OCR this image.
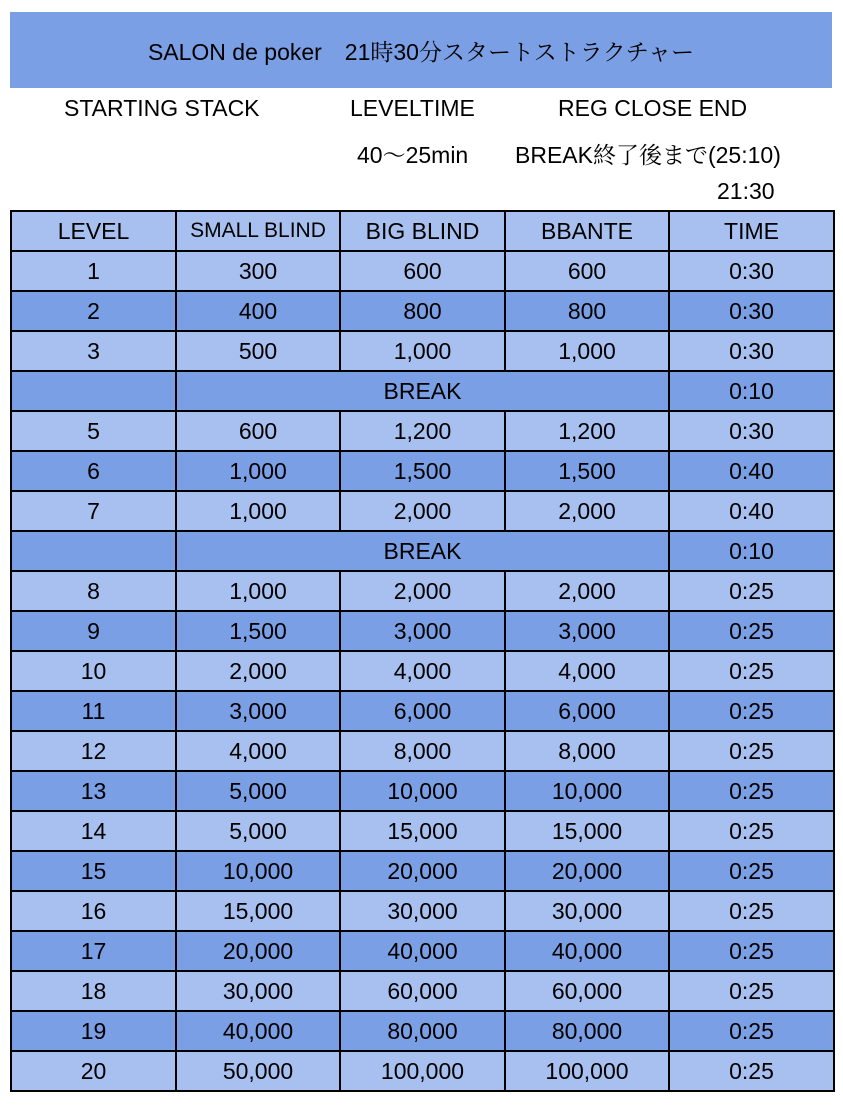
SALON de poker　21時30分スタートストラクチャー
STARTING STACK	LEVELTIME	REG CLOSE END
40〜25min BREAK終了後まで(25:10)
21:30
LEVEL	SMALL BLIND	BIG BLIND	BBANTE	TIME
1	300	600	600	0:30
2	400	800	800	0:30
3	500	1,000	1,000	0:30
	BREAK			0:10
5	600	1,200	1,200	0:30
6	1,000	1,500	1,500	0:40
7	1,000	2,000	2,000	0:40
	BREAK			0:10
8	1,000	2,000	2,000	0:25
9	1,500	3,000	3,000	0:25
10	2,000	4,000	4,000	0:25
11	3,000	6,000	6,000	0:25
12	4,000	8,000	8,000	0:25
13	5,000	10,000	10,000	0:25
14	5,000	15,000	15,000	0:25
15	10,000	20,000	20,000	0:25
16	15,000	30,000	30,000	0:25
17	20,000	40,000	40,000	0:25
18	30,000	60,000	60,000	0:25
19	40,000	80,000	80,000	0:25
20	50,000	100,000	100,000	0:25
